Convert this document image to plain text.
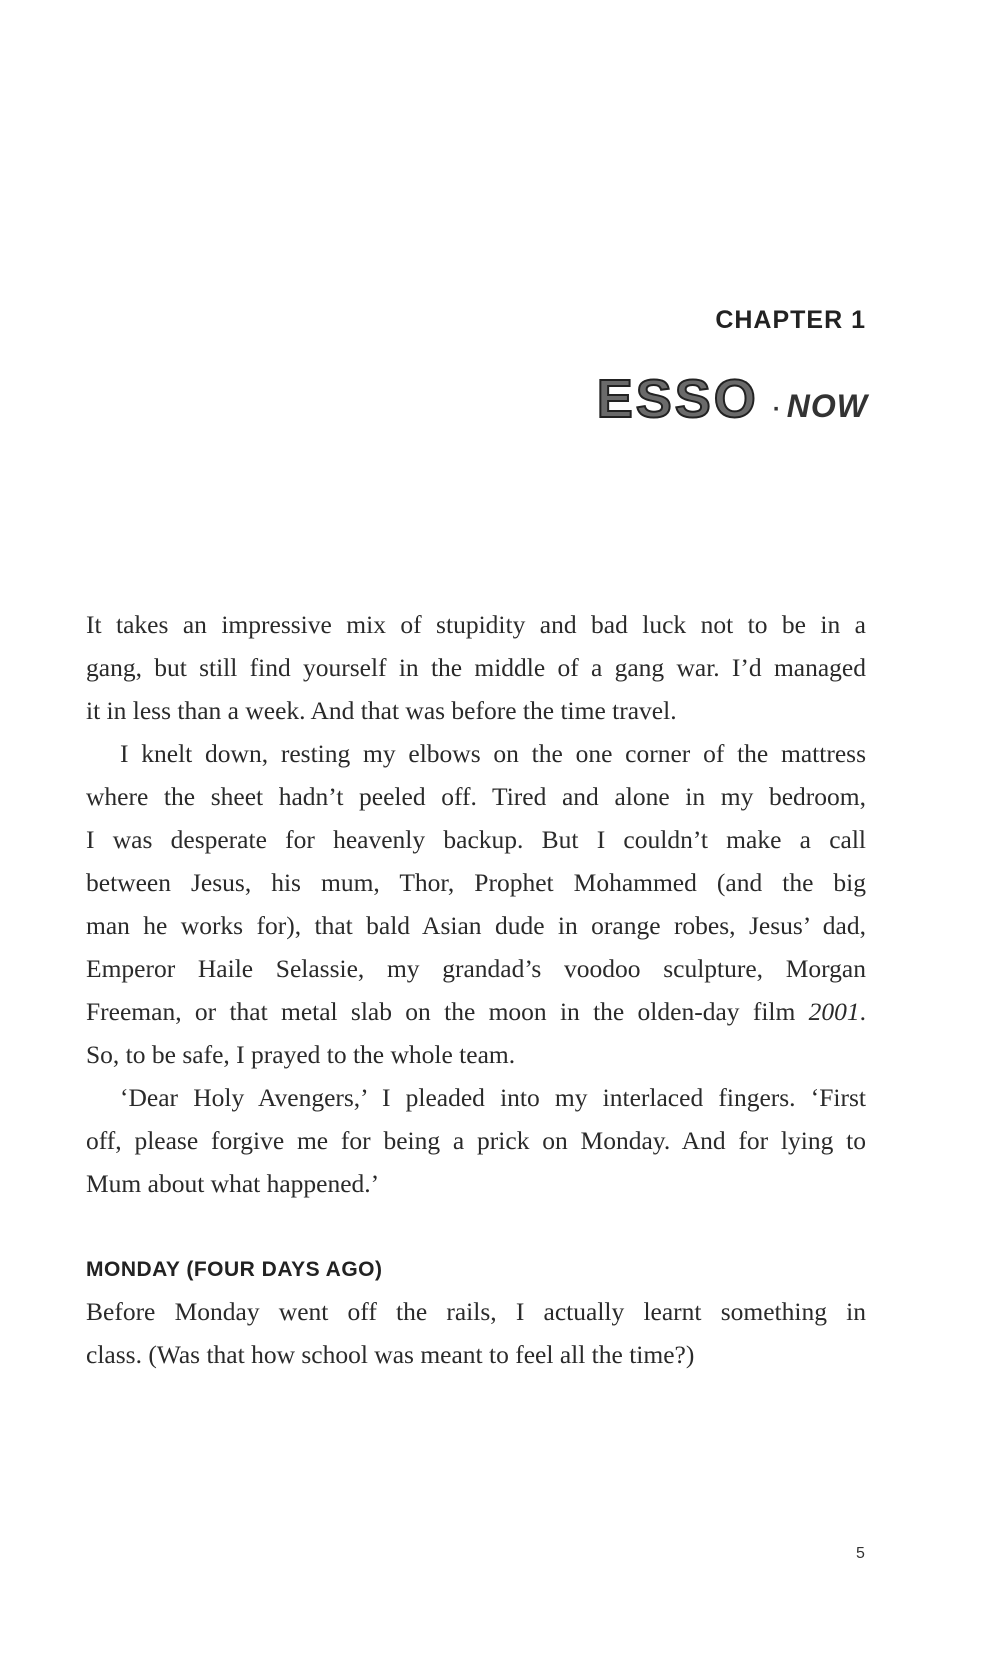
CHAPTER 1
ESSO · NOW
It takes an impressive mix of stupidity and bad luck not to be in a
gang, but still find yourself in the middle of a gang war. I’d managed
it in less than a week. And that was before the time travel.
I knelt down, resting my elbows on the one corner of the mattress
where the sheet hadn’t peeled off. Tired and alone in my bedroom,
I was desperate for heavenly backup. But I couldn’t make a call
between Jesus, his mum, Thor, Prophet Mohammed (and the big
man he works for), that bald Asian dude in orange robes, Jesus’ dad,
Emperor Haile Selassie, my grandad’s voodoo sculpture, Morgan
Freeman, or that metal slab on the moon in the olden-day film 2001.
So, to be safe, I prayed to the whole team.
‘Dear Holy Avengers,’ I pleaded into my interlaced fingers. ‘First
off, please forgive me for being a prick on Monday. And for lying to
Mum about what happened.’
MONDAY (FOUR DAYS AGO)
Before Monday went off the rails, I actually learnt something in
class. (Was that how school was meant to feel all the time?)
5
